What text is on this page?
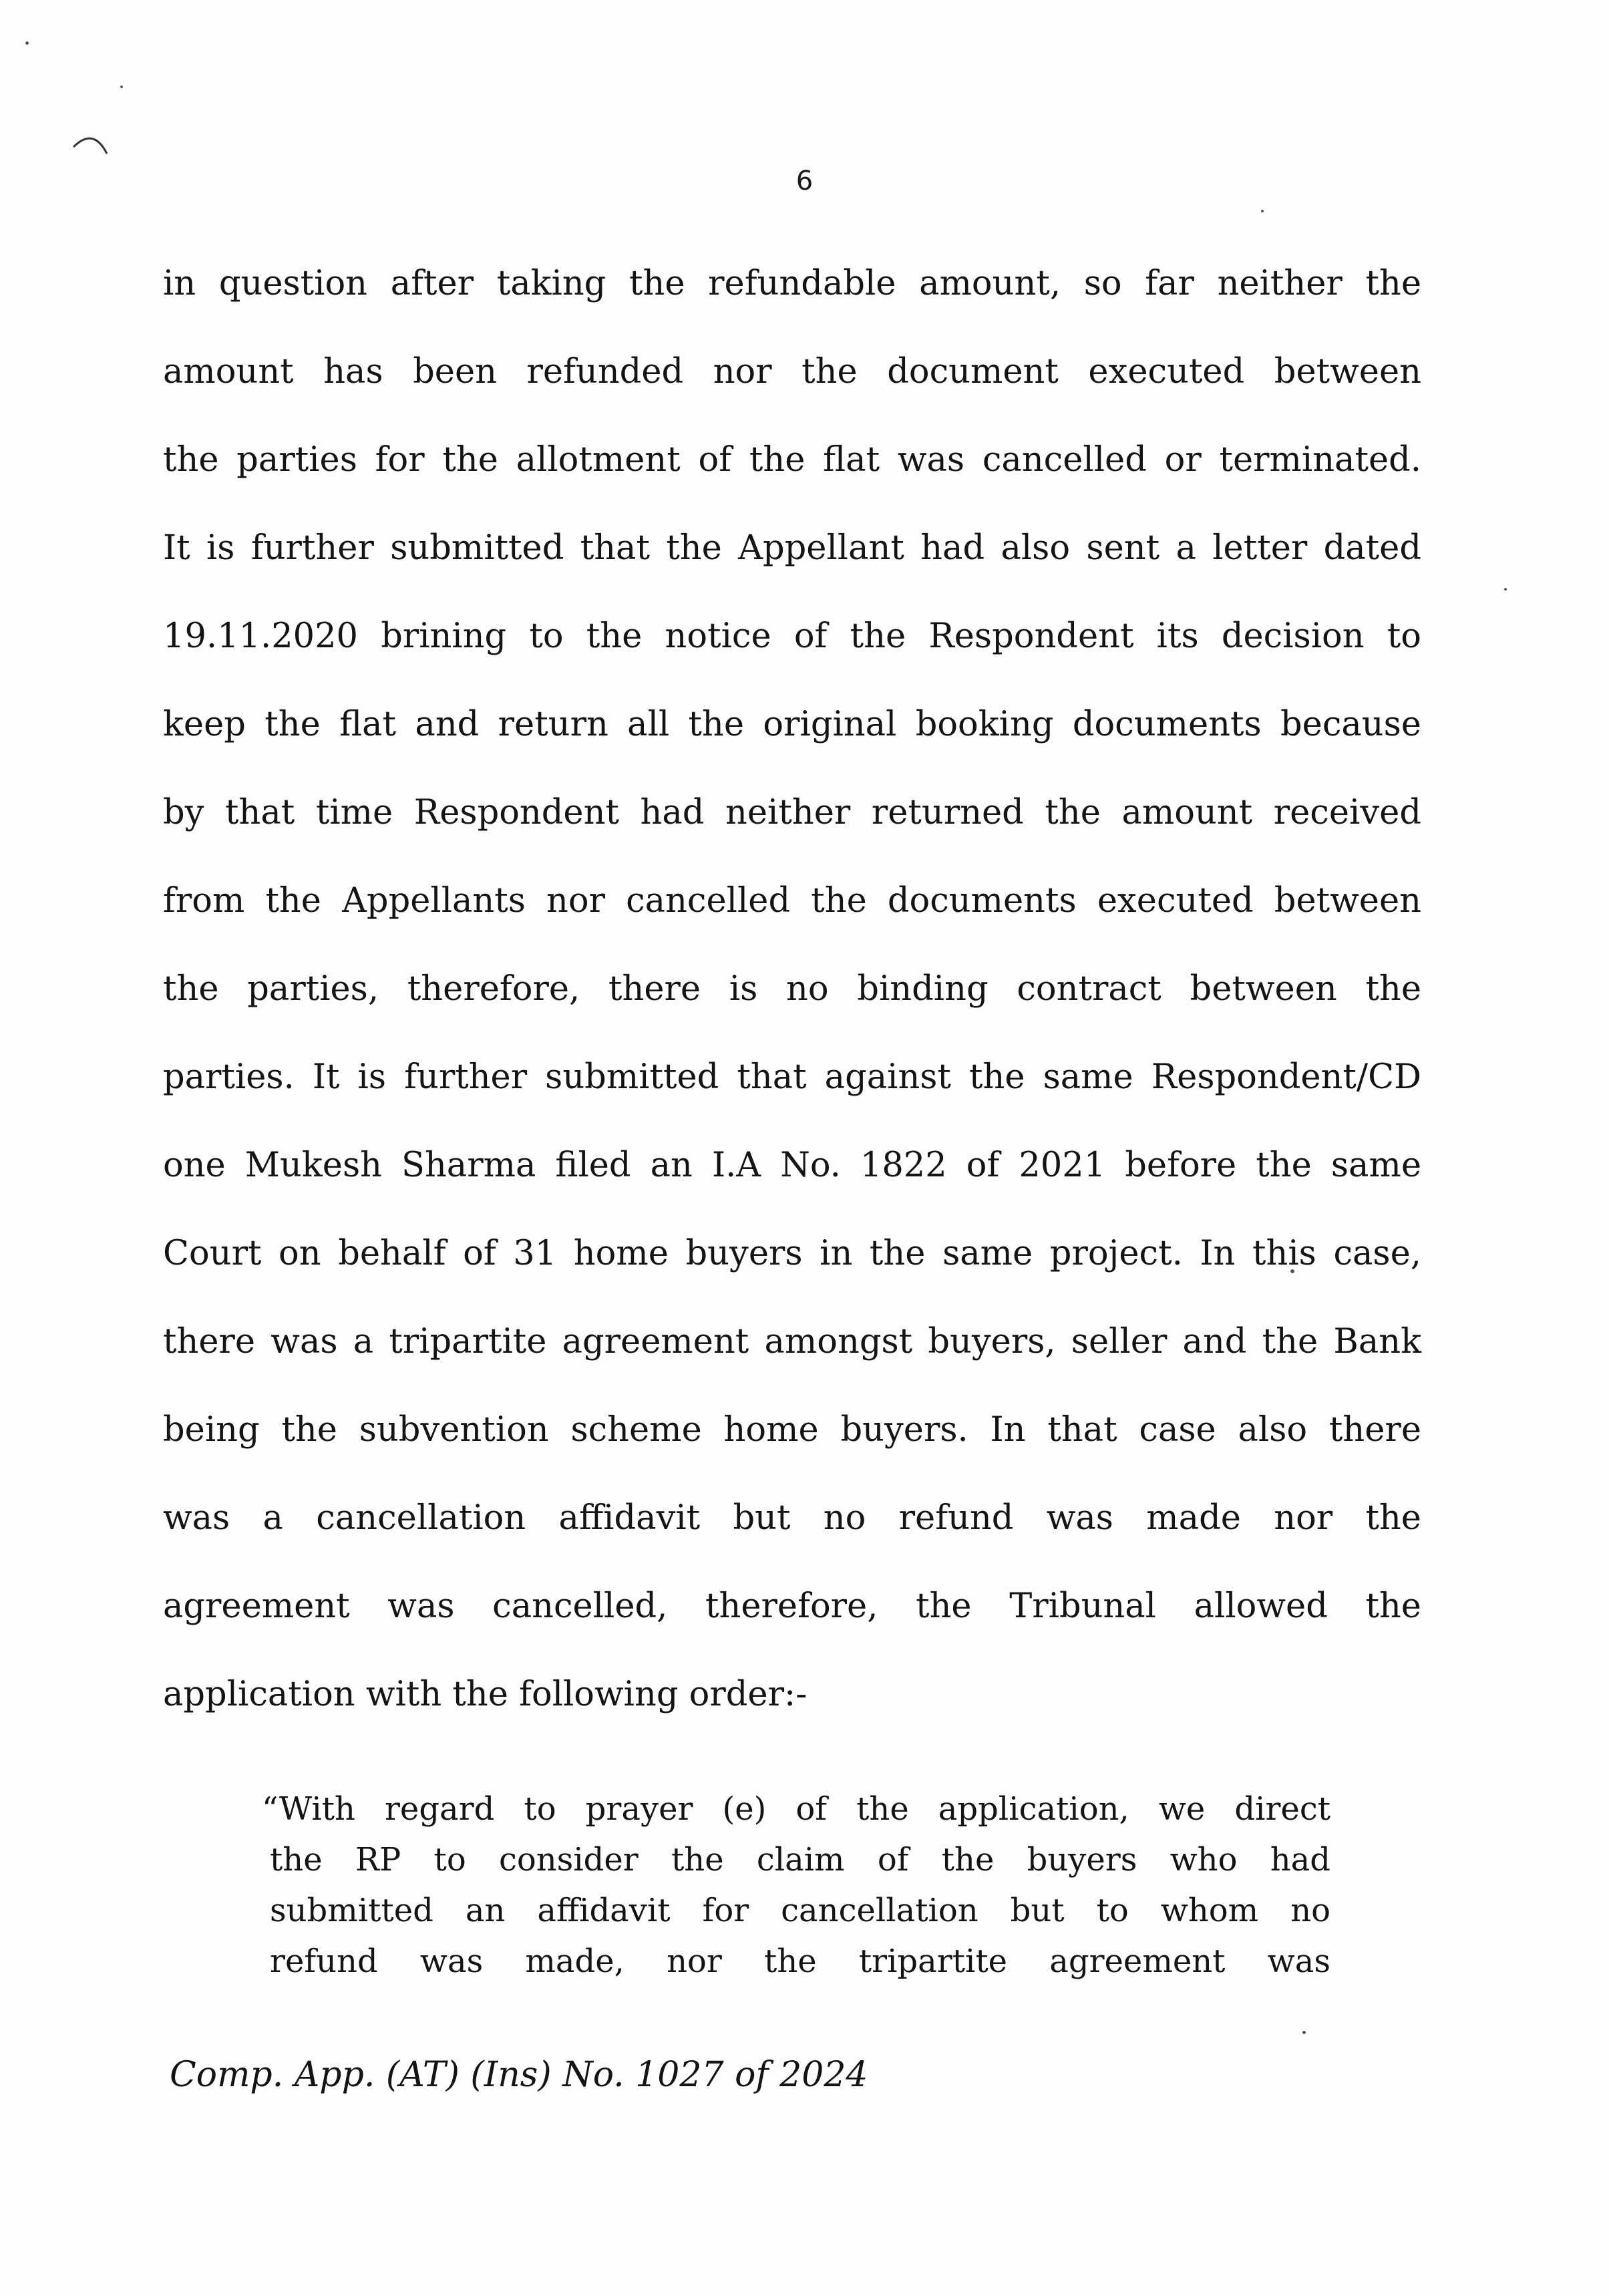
6
in question after taking the refundable amount, so far neither the
amount has been refunded nor the document executed between
the parties for the allotment of the flat was cancelled or terminated.
It is further submitted that the Appellant had also sent a letter dated
19.11.2020 brining to the notice of the Respondent its decision to
keep the flat and return all the original booking documents because
by that time Respondent had neither returned the amount received
from the Appellants nor cancelled the documents executed between
the parties, therefore, there is no binding contract between the
parties. It is further submitted that against the same Respondent/CD
one Mukesh Sharma filed an I.A No. 1822 of 2021 before the same
Court on behalf of 31 home buyers in the same project. In this case,
there was a tripartite agreement amongst buyers, seller and the Bank
being the subvention scheme home buyers. In that case also there
was a cancellation affidavit but no refund was made nor the
agreement was cancelled, therefore, the Tribunal allowed the
application with the following order:-
“With regard to prayer (e) of the application, we direct
the RP to consider the claim of the buyers who had
submitted an affidavit for cancellation but to whom no
refund was made, nor the tripartite agreement was
Comp. App. (AT) (Ins) No. 1027 of 2024
